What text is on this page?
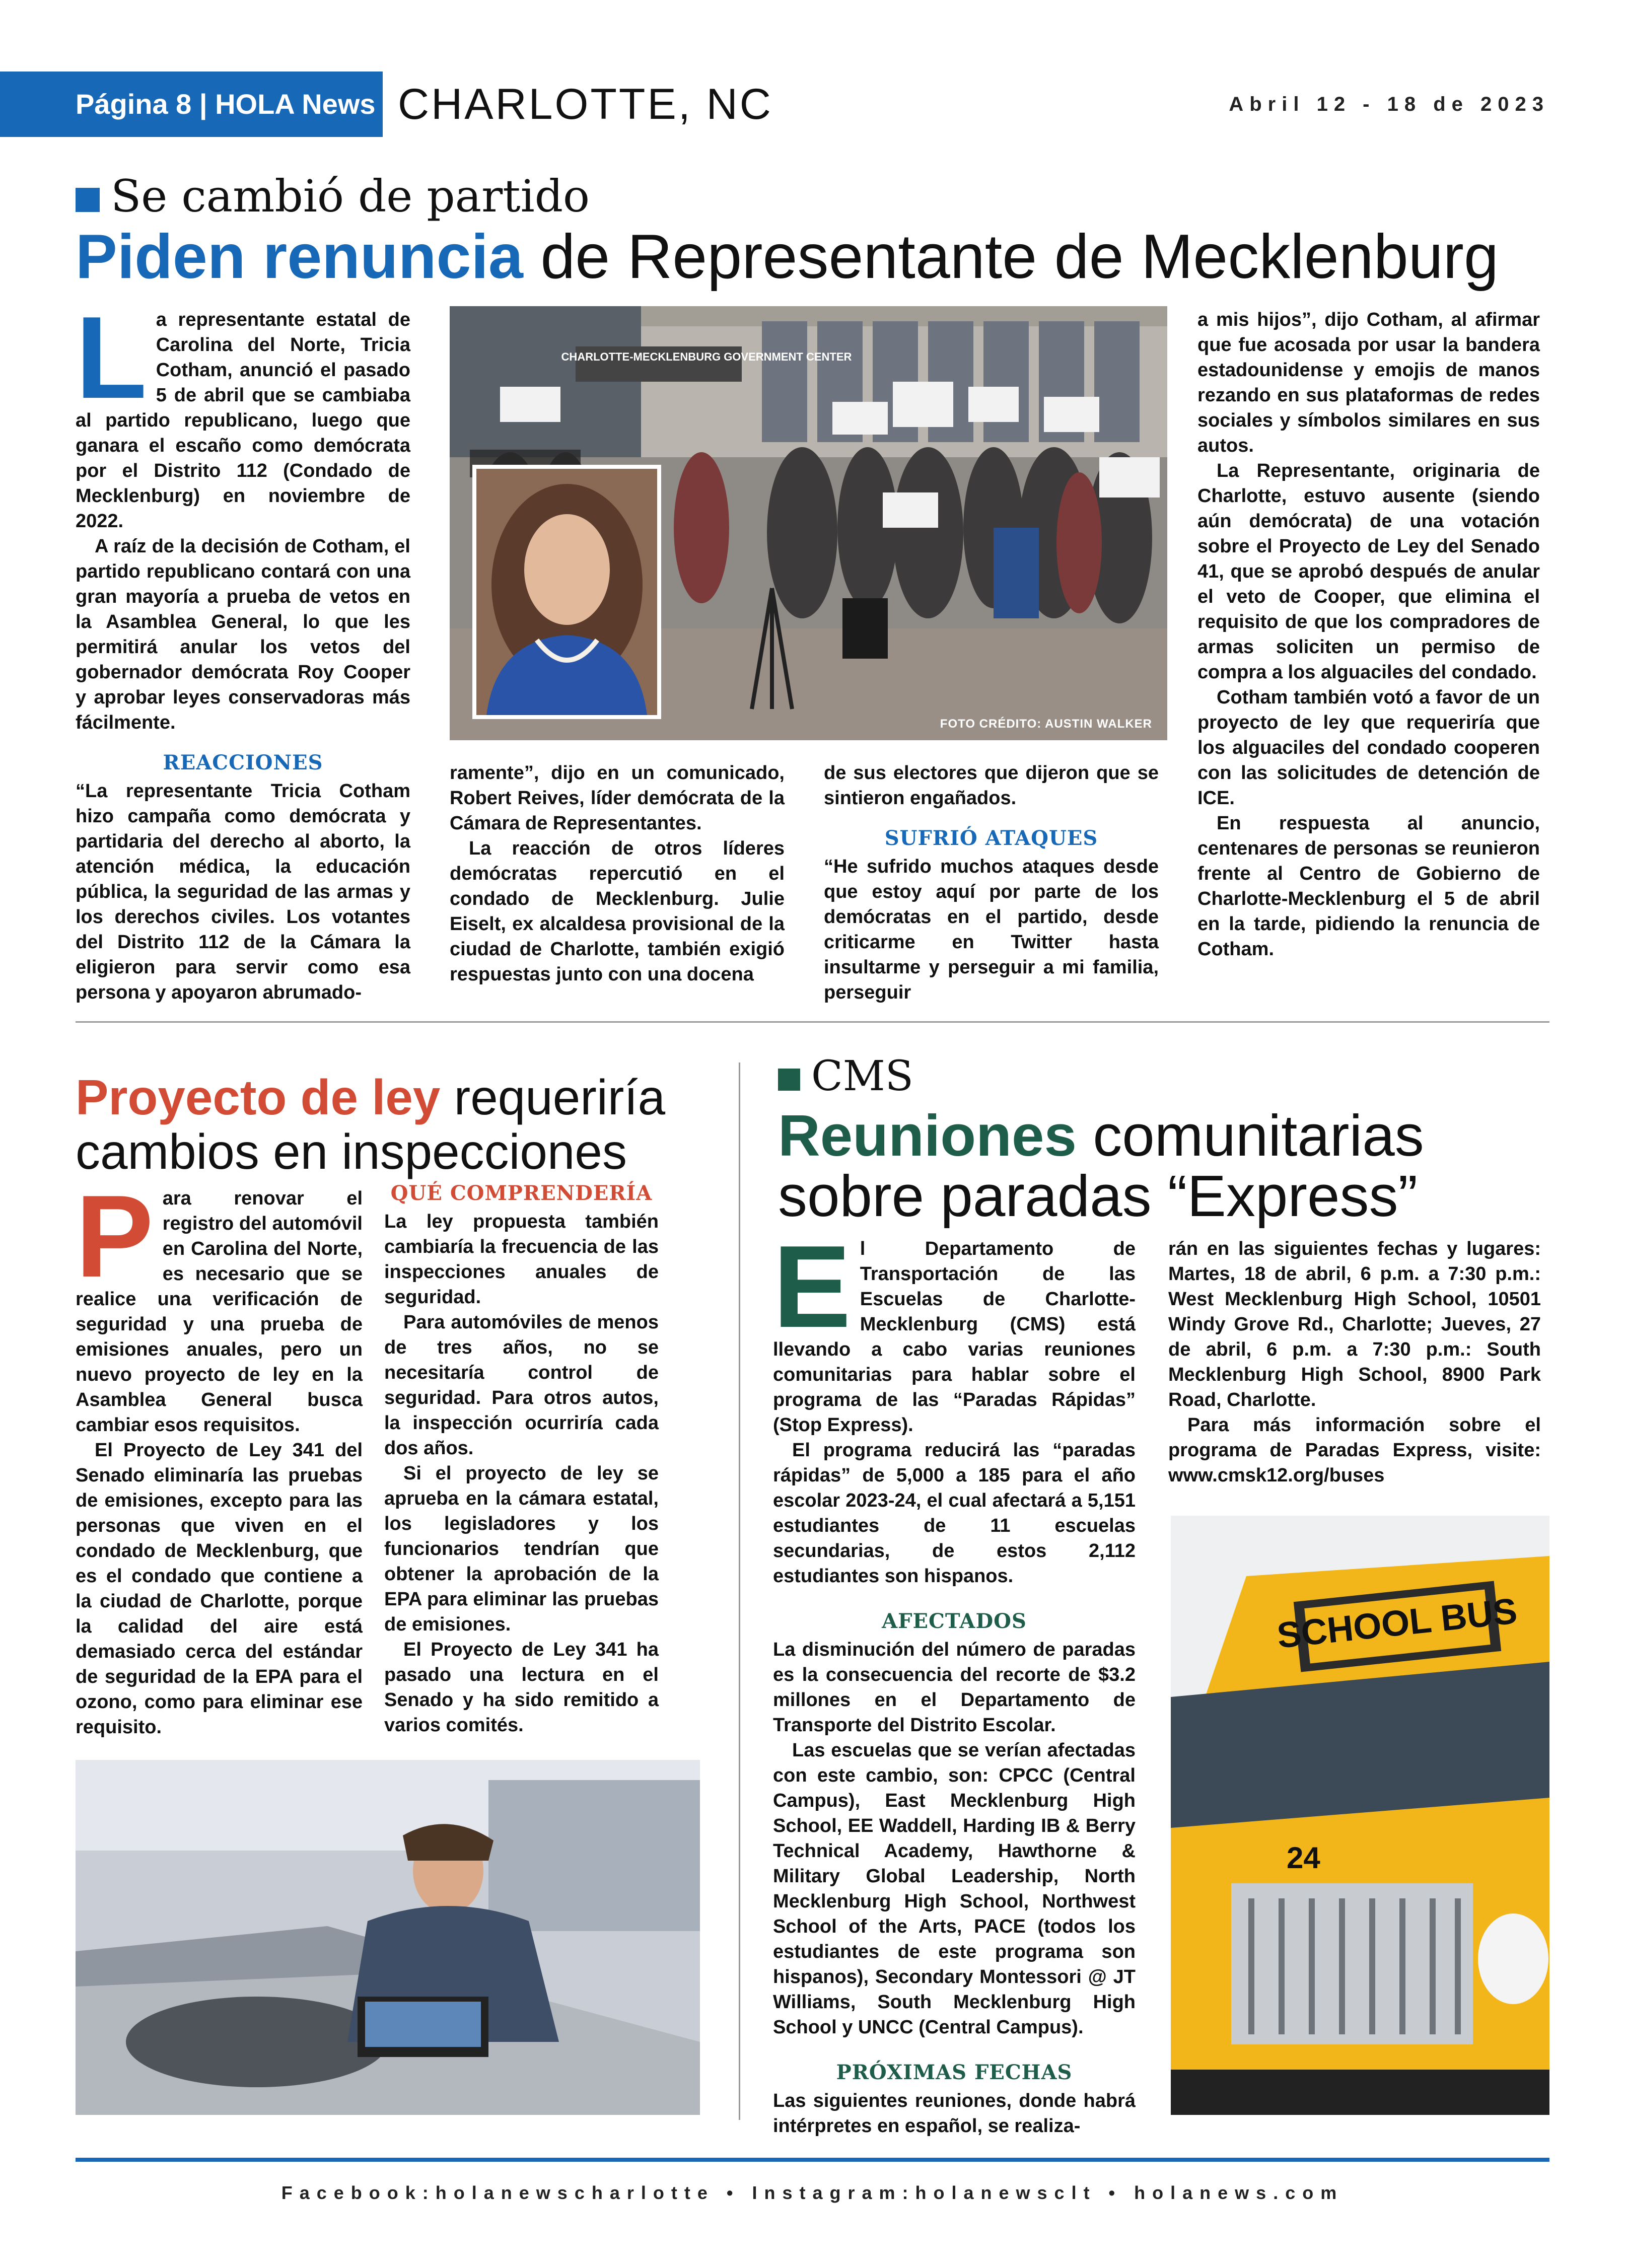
Página 8 | HOLA News CHARLOTTE, NC	Abril 12 - 18 de 2023
Se cambió de partido
Piden renuncia de Representante de Mecklenburg
L a representante estatal de Carolina del Norte, Tricia Cotham, anunció el pasado 5 de abril que se cambiaba al partido republicano, luego que ganara el escaño como demócrata por el Distrito 112 (Condado de Mecklenburg) en noviembre de 2022.

A raíz de la decisión de Cotham, el partido republicano contará con una gran mayoría a prueba de vetos en la Asamblea General, lo que les permitirá anular los vetos del gobernador demócrata Roy Cooper y aprobar leyes conservadoras más fácilmente.

REACCIONES

“La representante Tricia Cotham hizo campaña como demócrata y partidaria del derecho al aborto, la atención médica, la educación pública, la seguridad de las armas y los derechos civiles. Los votantes del Distrito 112 de la Cámara la eligieron para servir como esa persona y apoyaron abrumado-

CHARLOTTE-MECKLENBURG GOVERNMENT CENTER
FOTO CRÉDITO: AUSTIN WALKER

ramente”, dijo en un comunicado, Robert Reives, líder demócrata de la Cámara de Representantes.

La reacción de otros líderes demócratas repercutió en el condado de Mecklenburg. Julie Eiselt, ex alcaldesa provisional de la ciudad de Charlotte, también exigió respuestas junto con una docena

de sus electores que dijeron que se sintieron engañados.

SUFRIÓ ATAQUES

“He sufrido muchos ataques desde que estoy aquí por parte de los demócratas en el partido, desde criticarme en Twitter hasta insultarme y perseguir a mi familia, perseguir

a mis hijos”, dijo Cotham, al afirmar que fue acosada por usar la bandera estadounidense y emojis de manos rezando en sus plataformas de redes sociales y símbolos similares en sus autos.

La Representante, originaria de Charlotte, estuvo ausente (siendo aún demócrata) de una votación sobre el Proyecto de Ley del Senado 41, que se aprobó después de anular el veto de Cooper, que elimina el requisito de que los compradores de armas soliciten un permiso de compra a los alguaciles del condado.

Cotham también votó a favor de un proyecto de ley que requeriría que los alguaciles del condado cooperen con las solicitudes de detención de ICE.

En respuesta al anuncio, centenares de personas se reunieron frente al Centro de Gobierno de Charlotte-Mecklenburg el 5 de abril en la tarde, pidiendo la renuncia de Cotham.

Proyecto de ley requeriría
cambios en inspecciones
P ara renovar el registro del automóvil en Carolina del Norte, es necesario que se realice una verificación de seguridad y una prueba de emisiones anuales, pero un nuevo proyecto de ley en la Asamblea General busca cambiar esos requisitos.

El Proyecto de Ley 341 del Senado eliminaría las pruebas de emisiones, excepto para las personas que viven en el condado de Mecklenburg, que es el condado que contiene a la ciudad de Charlotte, porque la calidad del aire está demasiado cerca del estándar de seguridad de la EPA para el ozono, como para eliminar ese requisito.

QUÉ COMPRENDERÍA

La ley propuesta también cambiaría la frecuencia de las inspecciones anuales de seguridad.

Para automóviles de menos de tres años, no se necesitaría control de seguridad. Para otros autos, la inspección ocurriría cada dos años.

Si el proyecto de ley se aprueba en la cámara estatal, los legisladores y los funcionarios tendrían que obtener la aprobación de la EPA para eliminar las pruebas de emisiones.

El Proyecto de Ley 341 ha pasado una lectura en el Senado y ha sido remitido a varios comités.

CMS
Reuniones comunitarias
sobre paradas “Express”
E l Departamento de Transportación de las Escuelas de Charlotte-Mecklenburg (CMS) está llevando a cabo varias reuniones comunitarias para hablar sobre el programa de las “Paradas Rápidas” (Stop Express).

El programa reducirá las “paradas rápidas” de 5,000 a 185 para el año escolar 2023-24, el cual afectará a 5,151 estudiantes de 11 escuelas secundarias, de estos 2,112 estudiantes son hispanos.

AFECTADOS

La disminución del número de paradas es la consecuencia del recorte de $3.2 millones en el Departamento de Transporte del Distrito Escolar.

Las escuelas que se verían afectadas con este cambio, son: CPCC (Central Campus), East Mecklenburg High School, EE Waddell, Harding IB & Berry Technical Academy, Hawthorne & Military Global Leadership, North Mecklenburg High School, Northwest School of the Arts, PACE (todos los estudiantes de este programa son hispanos), Secondary Montessori @ JT Williams, South Mecklenburg High School y UNCC (Central Campus).

PRÓXIMAS FECHAS

Las siguientes reuniones, donde habrá intérpretes en español, se realiza-

rán en las siguientes fechas y lugares: Martes, 18 de abril, 6 p.m. a 7:30 p.m.: West Mecklenburg High School, 10501 Windy Grove Rd., Charlotte; Jueves, 27 de abril, 6 p.m. a 7:30 p.m.: South Mecklenburg High School, 8900 Park Road, Charlotte.

Para más información sobre el programa de Paradas Express, visite: www.cmsk12.org/buses

SCHOOL BUS
24
Facebook:holanewscharlotte • Instagram:holanewsclt • holanews.com
